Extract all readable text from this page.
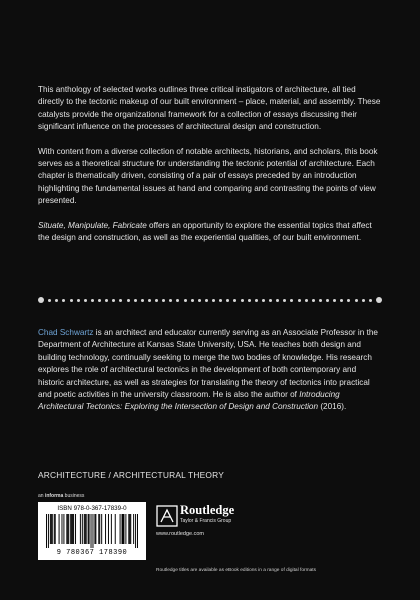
This anthology of selected works outlines three critical instigators of architecture, all tied directly to the tectonic makeup of our built environment – place, material, and assembly. These catalysts provide the organizational framework for a collection of essays discussing their significant influence on the processes of architectural design and construction.

With content from a diverse collection of notable architects, historians, and scholars, this book serves as a theoretical structure for understanding the tectonic potential of architecture. Each chapter is thematically driven, consisting of a pair of essays preceded by an introduction highlighting the fundamental issues at hand and comparing and contrasting the points of view presented.

Situate, Manipulate, Fabricate offers an opportunity to explore the essential topics that affect the design and construction, as well as the experiential qualities, of our built environment.

Chad Schwartz is an architect and educator currently serving as an Associate Professor in the Department of Architecture at Kansas State University, USA. He teaches both design and building technology, continually seeking to merge the two bodies of knowledge. His research explores the role of architectural tectonics in the development of both contemporary and historic architecture, as well as strategies for translating the theory of tectonics into practical and poetic activities in the university classroom. He is also the author of Introducing Architectural Tectonics: Exploring the Intersection of Design and Construction (2016).

ARCHITECTURE / ARCHITECTURAL THEORY
an informa business
ISBN 978-0-367-17839-0
9 780367 178390
Routledge
Taylor & Francis Group
www.routledge.com
Routledge titles are available as eBook editions in a range of digital formats
